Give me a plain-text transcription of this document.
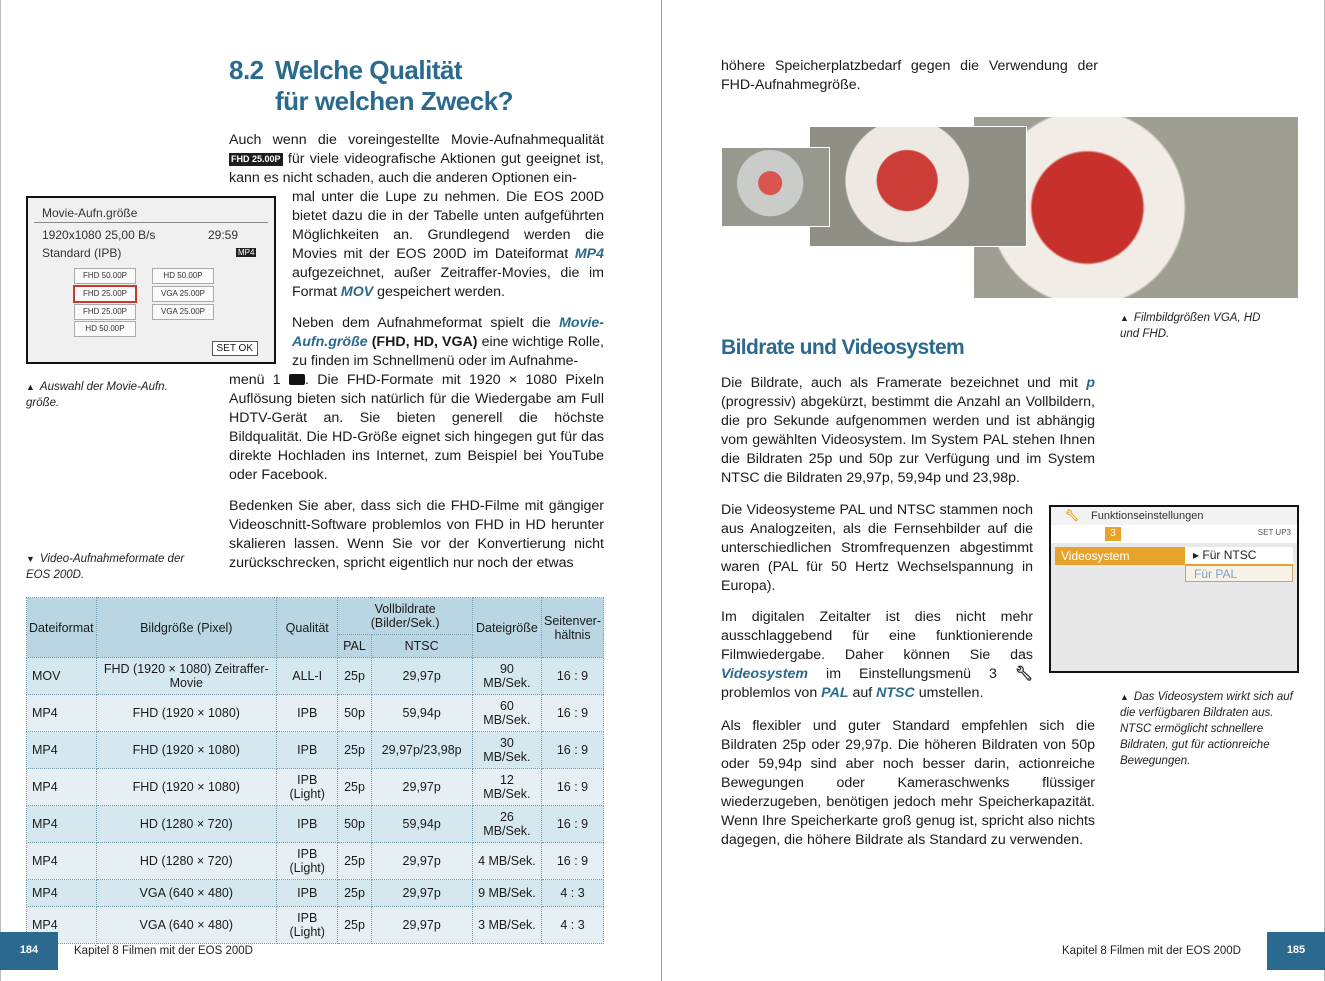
8.2 Welche Qualität
für welchen Zweck?
Auch wenn die voreingestellte Movie-Aufnahmequalität FHD 25.00P für viele videografische Aktionen gut geeignet ist, kann es nicht schaden, auch die anderen Optionen ein-

mal unter die Lupe zu nehmen. Die EOS 200D bietet dazu die in der Tabelle unten aufgeführten Möglichkeiten an. Grundlegend werden die Movies mit der EOS 200D im Dateiformat MP4 aufgezeichnet, außer Zeitraffer-Movies, die im Format MOV gespeichert werden.

Neben dem Aufnahmeformat spielt die Movie-Aufn.größe (FHD, HD, VGA) eine wichtige Rolle, zu finden im Schnellmenü oder im Aufnahme-

menü 1 . Die FHD-Formate mit 1920 × 1080 Pixeln Auflösung bieten sich natürlich für die Wiedergabe am Full HDTV-Gerät an. Sie bieten generell die höchste Bildqualität. Die HD-Größe eignet sich hingegen gut für das direkte Hochladen ins Internet, zum Beispiel bei YouTube oder Facebook.

Bedenken Sie aber, dass sich die FHD-Filme mit gängiger Videoschnitt-Software problemlos von FHD in HD herunter skalieren lassen. Wenn Sie vor der Konvertierung nicht zurückschrecken, spricht eigentlich nur noch der etwas

Movie-Aufn.größe
1920x1080 25,00 B/s	29:59
Standard (IPB)	MP4
FHD 50.00P	HD 50.00P
FHD 25.00P	VGA 25.00P
FHD 25.00P	VGA 25.00P
HD 50.00P
SET OK
▲ Auswahl der Movie-Aufn. größe.
▼ Video-Aufnahmeformate der EOS 200D.
Dateiformat	Bildgröße (Pixel)	Qualität	Vollbildrate (Bilder/Sek.)		Dateigröße	Seitenver-hältnis
			PAL	NTSC		
MOV	FHD (1920 × 1080) Zeitraffer-Movie	ALL-I	25p	29,97p	90 MB/Sek.	16 : 9
MP4	FHD (1920 × 1080)	IPB	50p	59,94p	60 MB/Sek.	16 : 9
MP4	FHD (1920 × 1080)	IPB	25p	29,97p/23,98p	30 MB/Sek.	16 : 9
MP4	FHD (1920 × 1080)	IPB (Light)	25p	29,97p	12 MB/Sek.	16 : 9
MP4	HD (1280 × 720)	IPB	50p	59,94p	26 MB/Sek.	16 : 9
MP4	HD (1280 × 720)	IPB (Light)	25p	29,97p	4 MB/Sek.	16 : 9
MP4	VGA (640 × 480)	IPB	25p	29,97p	9 MB/Sek.	4 : 3
MP4	VGA (640 × 480)	IPB (Light)	25p	29,97p	3 MB/Sek.	4 : 3
184	Kapitel 8 Filmen mit der EOS 200D
höhere Speicherplatzbedarf gegen die Verwendung der FHD-Aufnahmegröße.
▲ Filmbildgrößen VGA, HD und FHD.
Bildrate und Videosystem

Die Bildrate, auch als Framerate bezeichnet und mit p (progressiv) abgekürzt, bestimmt die Anzahl an Vollbildern, die pro Sekunde aufgenommen werden und ist abhängig vom gewählten Videosystem. Im System PAL stehen Ihnen die Bildraten 25p und 50p zur Verfügung und im System NTSC die Bildraten 29,97p, 59,94p und 23,98p.

Die Videosysteme PAL und NTSC stammen noch aus Analogzeiten, als die Fernsehbilder auf die unterschiedlichen Stromfrequenzen abgestimmt waren (PAL für 50 Hertz Wechselspannung in Europa).

Im digitalen Zeitalter ist dies nicht mehr ausschlaggebend für eine funktionierende Filmwiedergabe. Daher können Sie das Videosystem im Einstellungsmenü 3 🔧︎ problemlos von PAL auf NTSC umstellen.

Als flexibler und guter Standard empfehlen sich die Bildraten 25p oder 29,97p. Die höheren Bildraten von 50p oder 59,94p sind aber noch besser darin, actionreiche Bewegungen oder Kameraschwenks flüssiger wiederzugeben, benötigen jedoch mehr Speicherkapazität. Wenn Ihre Speicherkarte groß genug ist, spricht also nichts dagegen, die höhere Bildrate als Standard zu verwenden.
🔧︎ Funktionseinstellungen
3	SET UP3
Videosystem	▸ Für NTSC
Für PAL
▲ Das Videosystem wirkt sich auf die verfügbaren Bildraten aus. NTSC ermöglicht schnellere Bildraten, gut für actionreiche Bewegungen.
185
Kapitel 8 Filmen mit der EOS 200D
